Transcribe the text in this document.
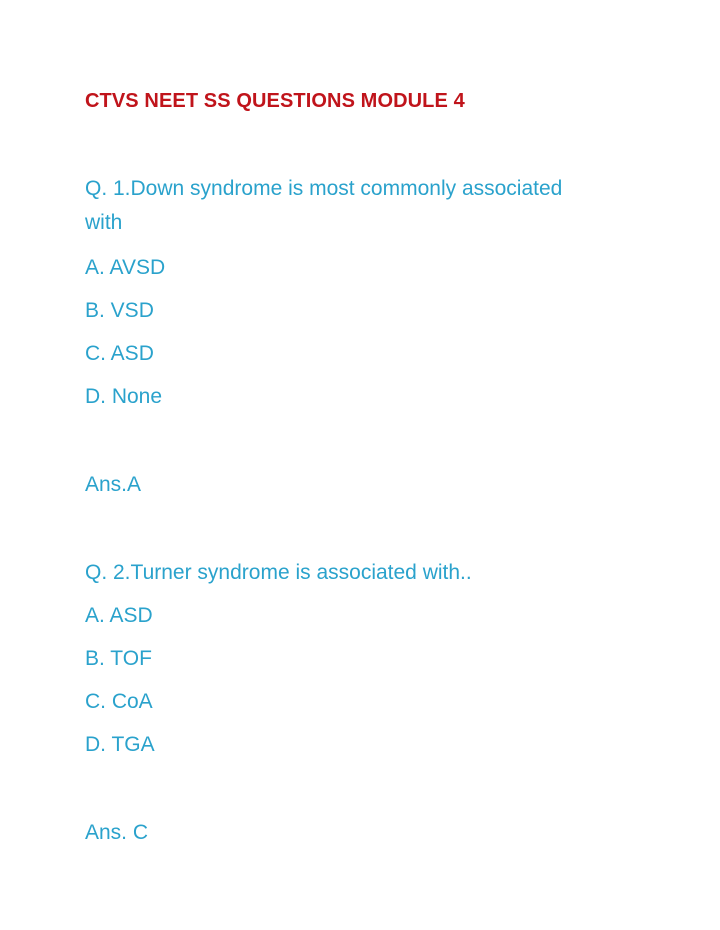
CTVS NEET SS QUESTIONS MODULE 4
Q. 1.Down syndrome is most commonly associated
with
A. AVSD
B. VSD
C. ASD
D. None
Ans.A
Q. 2.Turner syndrome is associated with..
A. ASD
B. TOF
C. CoA
D. TGA
Ans. C
